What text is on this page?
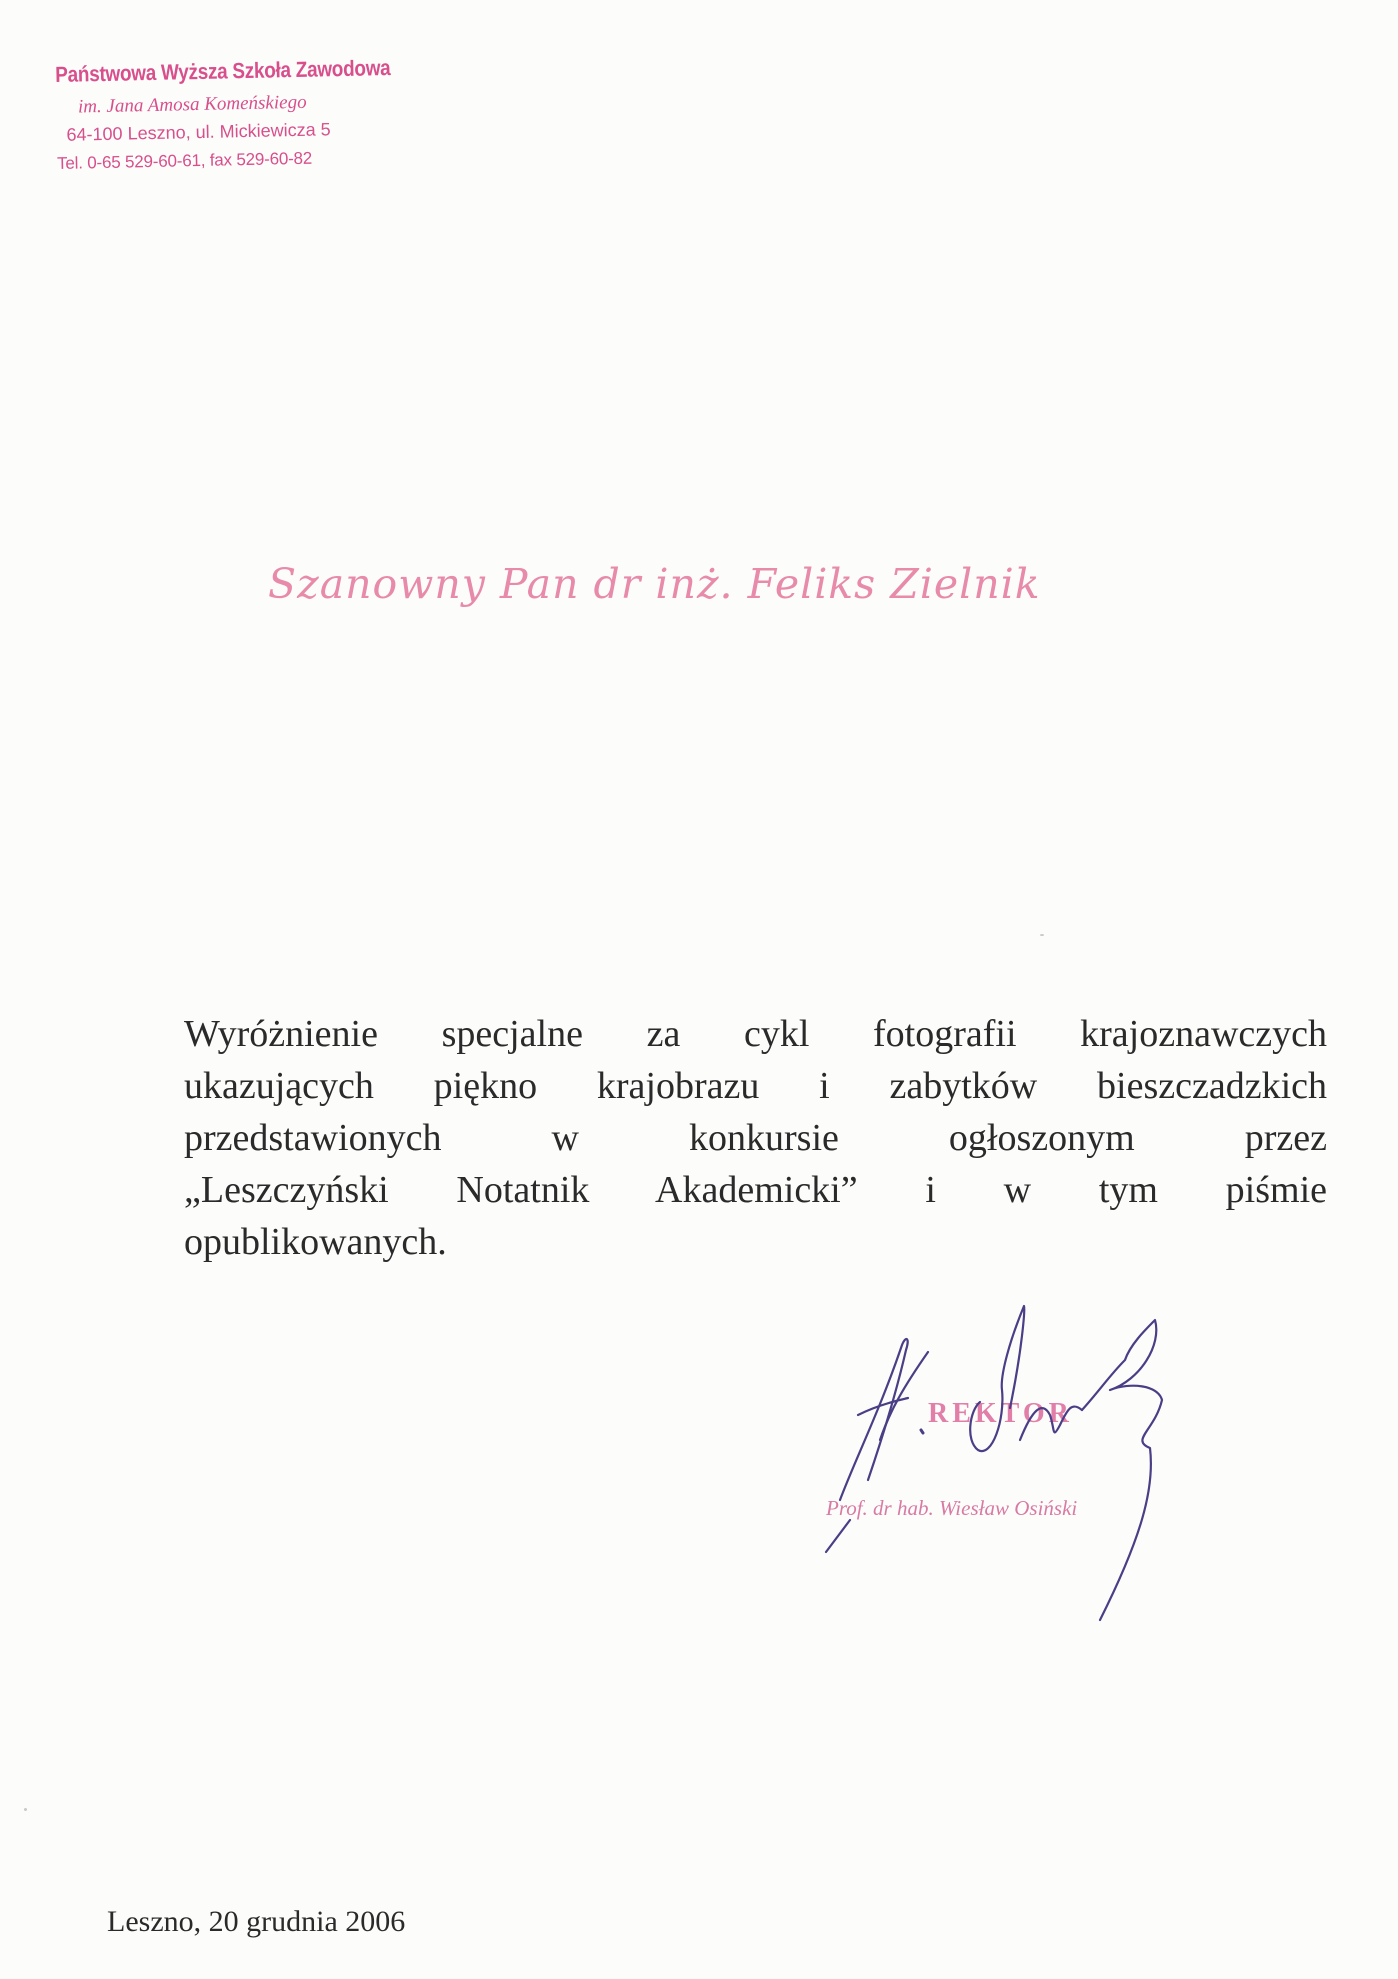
Państwowa Wyższa Szkoła Zawodowa
im. Jana Amosa Komeńskiego
64-100 Leszno, ul. Mickiewicza 5
Tel. 0-65 529-60-61, fax 529-60-82
Szanowny Pan dr inż. Feliks Zielnik
Wyróżnienie specjalne za cykl fotografii krajoznawczych
ukazujących piękno krajobrazu i zabytków bieszczadzkich
przedstawionych w konkursie ogłoszonym przez
„Leszczyński Notatnik Akademicki” i w tym piśmie
opublikowanych.
REKTOR
Prof. dr hab. Wiesław Osiński
Leszno, 20 grudnia 2006
